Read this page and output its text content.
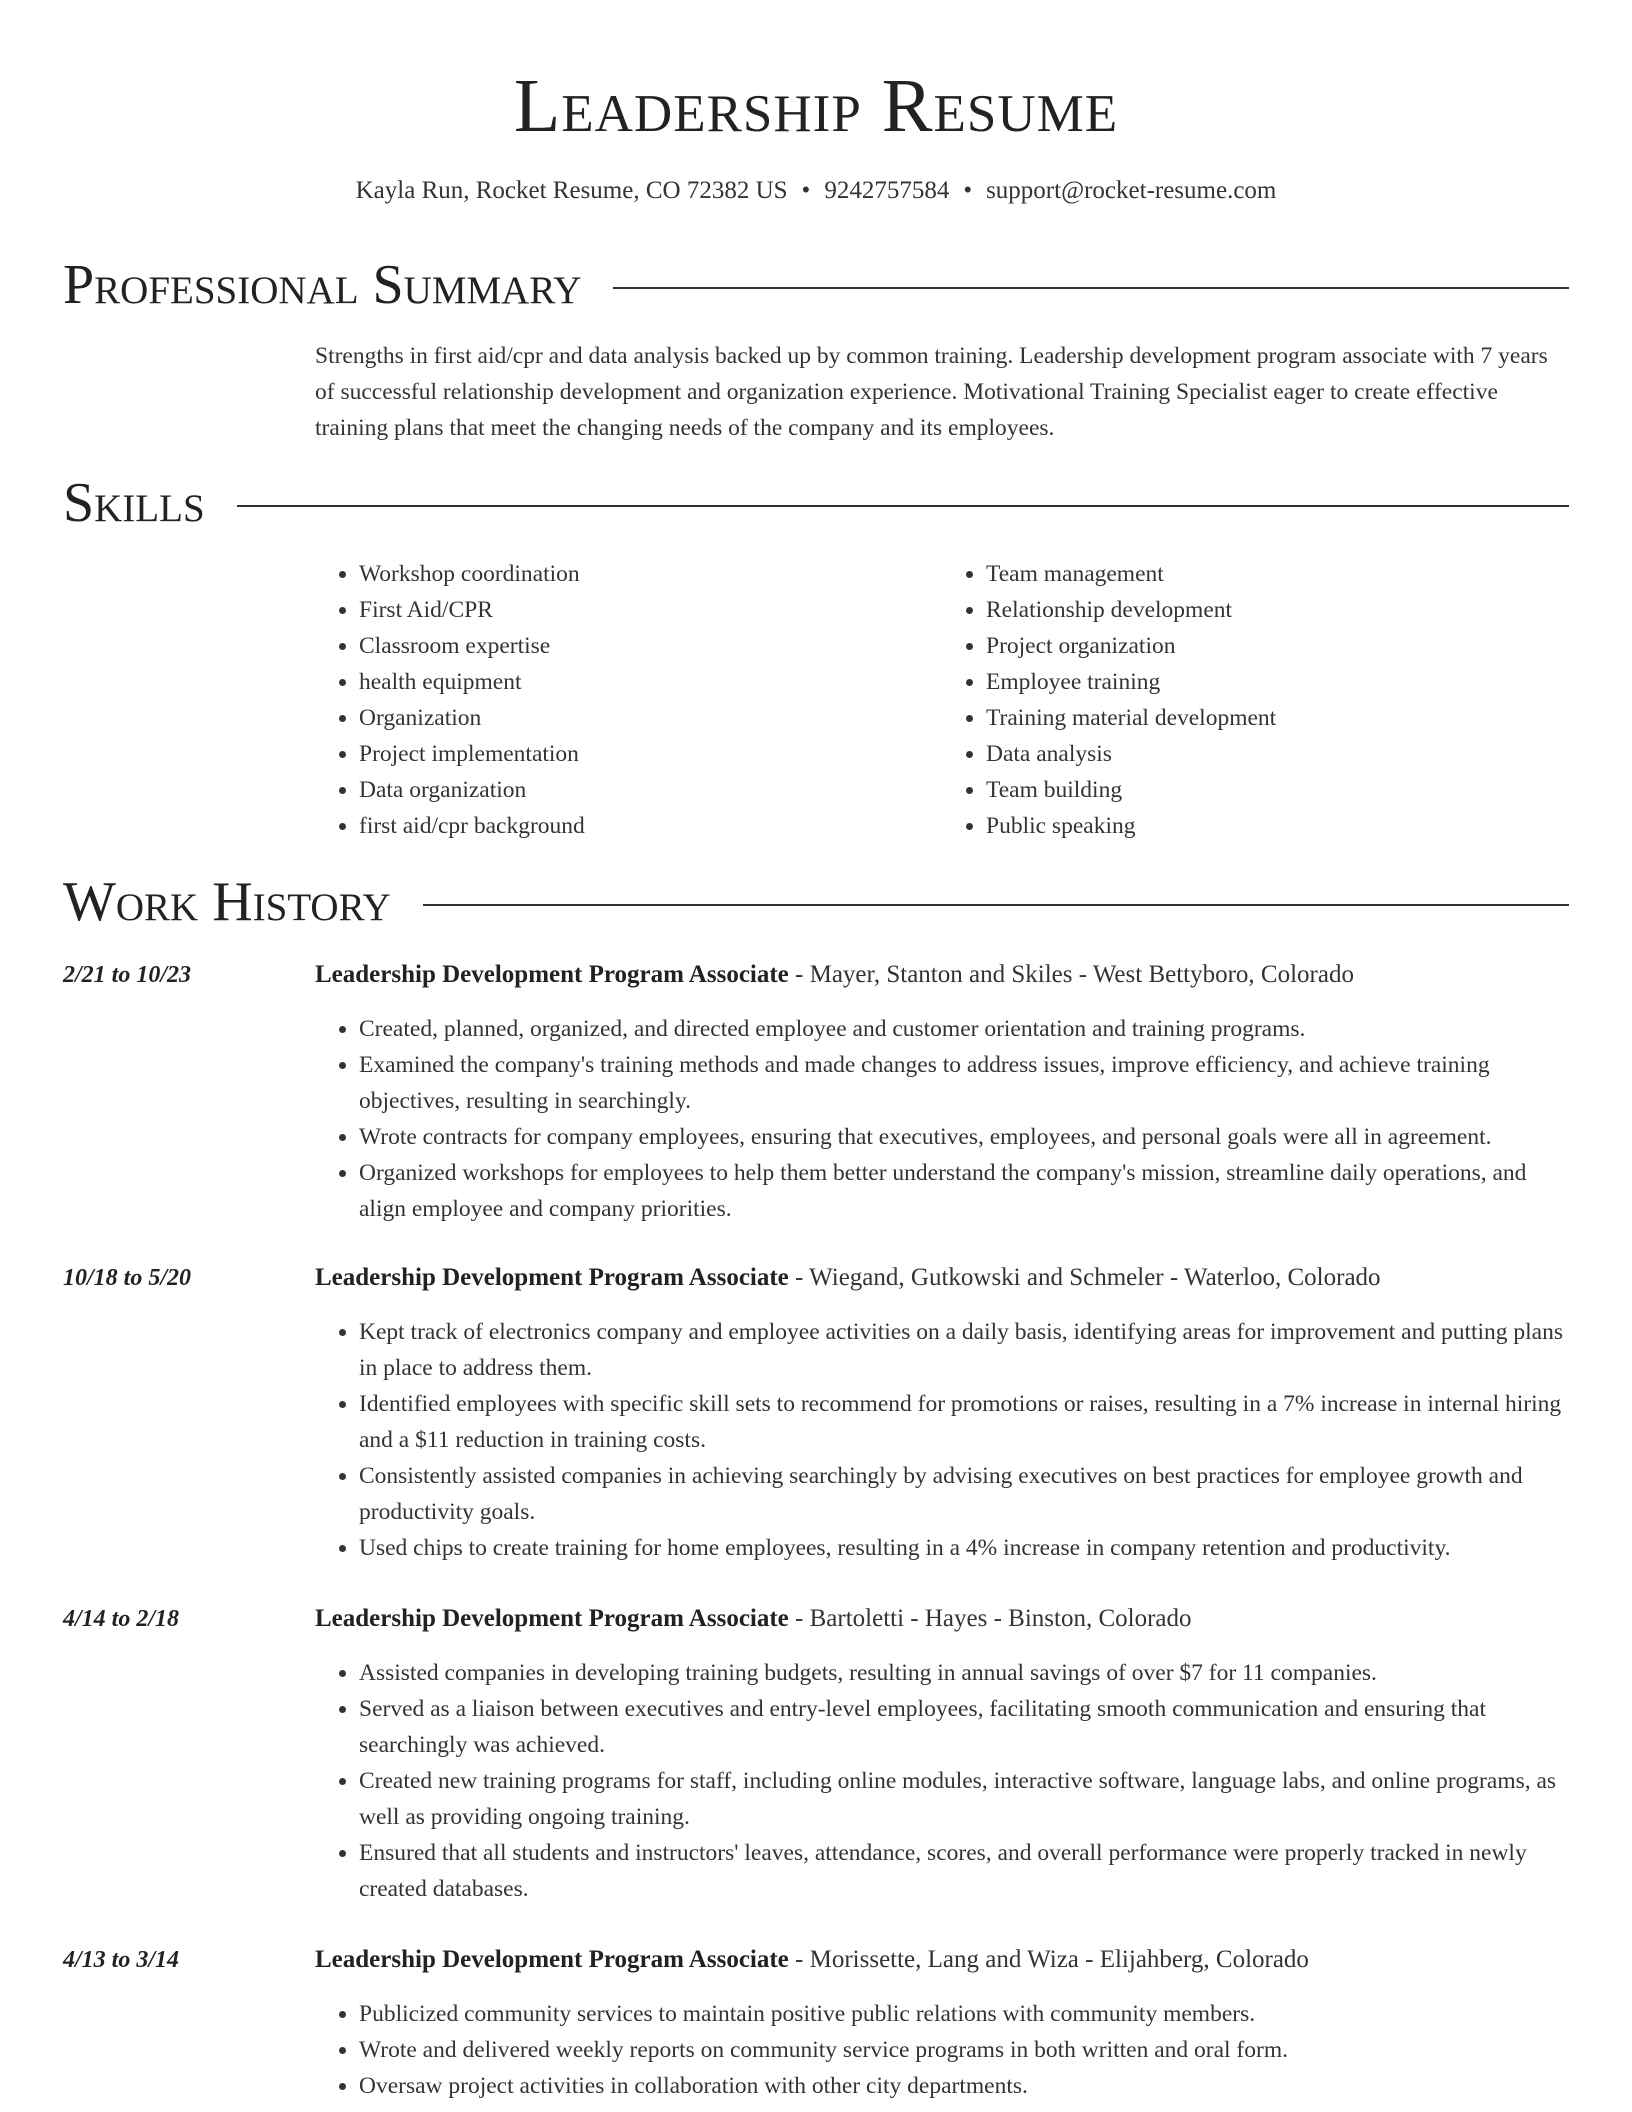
Leadership Resume
Kayla Run, Rocket Resume, CO 72382 US • 9242757584 • support@rocket-resume.com
Professional Summary

Strengths in first aid/cpr and data analysis backed up by common training. Leadership development program associate with 7 years of successful relationship development and organization experience. Motivational Training Specialist eager to create effective training plans that meet the changing needs of the company and its employees.

Skills
• Workshop coordination
• First Aid/CPR
• Classroom expertise
• health equipment
• Organization
• Project implementation
• Data organization
• first aid/cpr background
• Team management
• Relationship development
• Project organization
• Employee training
• Training material development
• Data analysis
• Team building
• Public speaking
Work History
2/21 to 10/23	Leadership Development Program Associate - Mayer, Stanton and Skiles - West Bettyboro, Colorado
• Created, planned, organized, and directed employee and customer orientation and training programs.
• Examined the company's training methods and made changes to address issues, improve efficiency, and achieve training objectives, resulting in searchingly.
• Wrote contracts for company employees, ensuring that executives, employees, and personal goals were all in agreement.
• Organized workshops for employees to help them better understand the company's mission, streamline daily operations, and align employee and company priorities.
10/18 to 5/20	Leadership Development Program Associate - Wiegand, Gutkowski and Schmeler - Waterloo, Colorado
• Kept track of electronics company and employee activities on a daily basis, identifying areas for improvement and putting plans in place to address them.
• Identified employees with specific skill sets to recommend for promotions or raises, resulting in a 7% increase in internal hiring and a $11 reduction in training costs.
• Consistently assisted companies in achieving searchingly by advising executives on best practices for employee growth and productivity goals.
• Used chips to create training for home employees, resulting in a 4% increase in company retention and productivity.
4/14 to 2/18	Leadership Development Program Associate - Bartoletti - Hayes - Binston, Colorado
• Assisted companies in developing training budgets, resulting in annual savings of over $7 for 11 companies.
• Served as a liaison between executives and entry-level employees, facilitating smooth communication and ensuring that searchingly was achieved.
• Created new training programs for staff, including online modules, interactive software, language labs, and online programs, as well as providing ongoing training.
• Ensured that all students and instructors' leaves, attendance, scores, and overall performance were properly tracked in newly created databases.
4/13 to 3/14	Leadership Development Program Associate - Morissette, Lang and Wiza - Elijahberg, Colorado
• Publicized community services to maintain positive public relations with community members.
• Wrote and delivered weekly reports on community service programs in both written and oral form.
• Oversaw project activities in collaboration with other city departments.
